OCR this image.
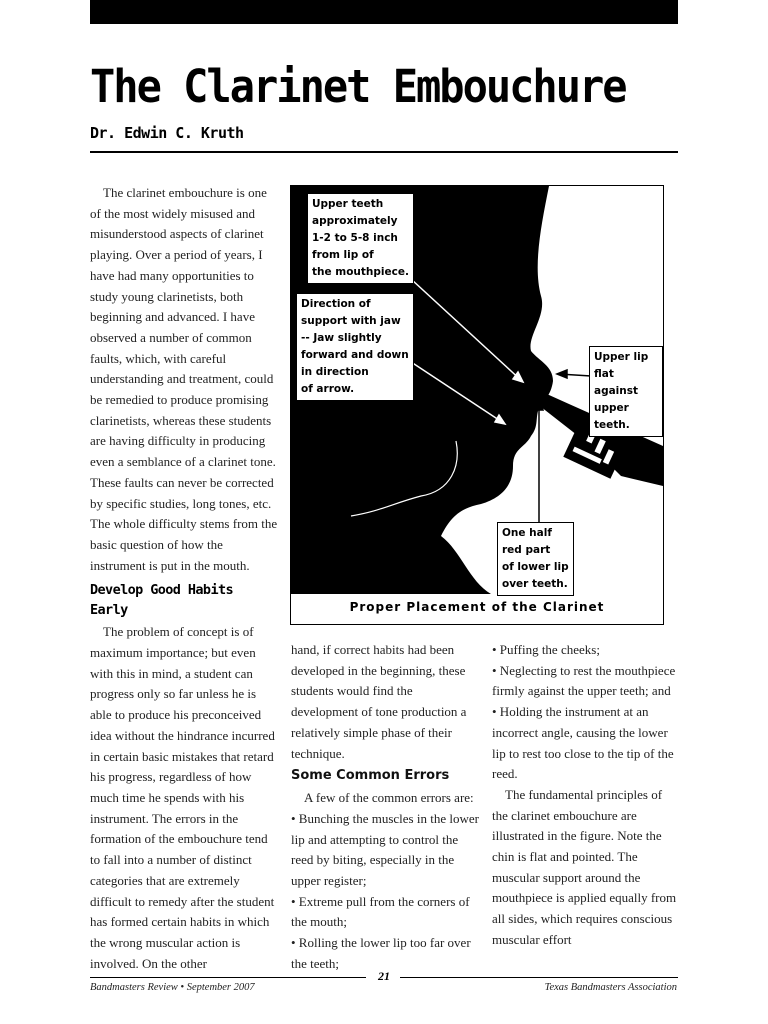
The Clarinet Embouchure
Dr. Edwin C. Kruth

The clarinet embouchure is one of the most widely misused and misunderstood aspects of clarinet playing. Over a period of years, I have had many opportunities to study young clarinetists, both beginning and advanced. I have observed a number of common faults, which, with careful understanding and treatment, could be remedied to produce promising clarinetists, whereas these students are having difficulty in producing even a semblance of a clarinet tone. These faults can never be corrected by specific studies, long tones, etc. The whole difficulty stems from the basic question of how the instrument is put in the mouth.

Develop Good Habits Early

The problem of concept is of maximum importance; but even with this in mind, a student can progress only so far unless he is able to produce his preconceived idea without the hindrance incurred in certain basic mistakes that retard his progress, regardless of how much time he spends with his instrument. The errors in the formation of the embouchure tend to fall into a number of distinct categories that are extremely difficult to remedy after the student has formed certain habits in which the wrong muscular action is involved. On the other

Upper teeth
approximately
1-2 to 5-8 inch
from lip of
the mouthpiece.
Direction of
support with jaw
-- Jaw slightly
forward and down
in direction
of arrow.
Upper lip
flat against
upper teeth.
One half
red part
of lower lip
over teeth.
Proper Placement of the Clarinet

hand, if correct habits had been developed in the beginning, these students would find the development of tone production a relatively simple phase of their technique.

Some Common Errors

A few of the common errors are:

• Bunching the muscles in the lower lip and attempting to control the reed by biting, especially in the upper register;
• Extreme pull from the corners of the mouth;
• Rolling the lower lip too far over the teeth;
• Puffing the cheeks;
• Neglecting to rest the mouthpiece firmly against the upper teeth; and
• Holding the instrument at an incorrect angle, causing the lower lip to rest too close to the tip of the reed.

The fundamental principles of the clarinet embouchure are illustrated in the figure. Note the chin is flat and pointed. The muscular support around the mouthpiece is applied equally from all sides, which requires conscious muscular effort

21
Bandmasters Review • September 2007	Texas Bandmasters Association
